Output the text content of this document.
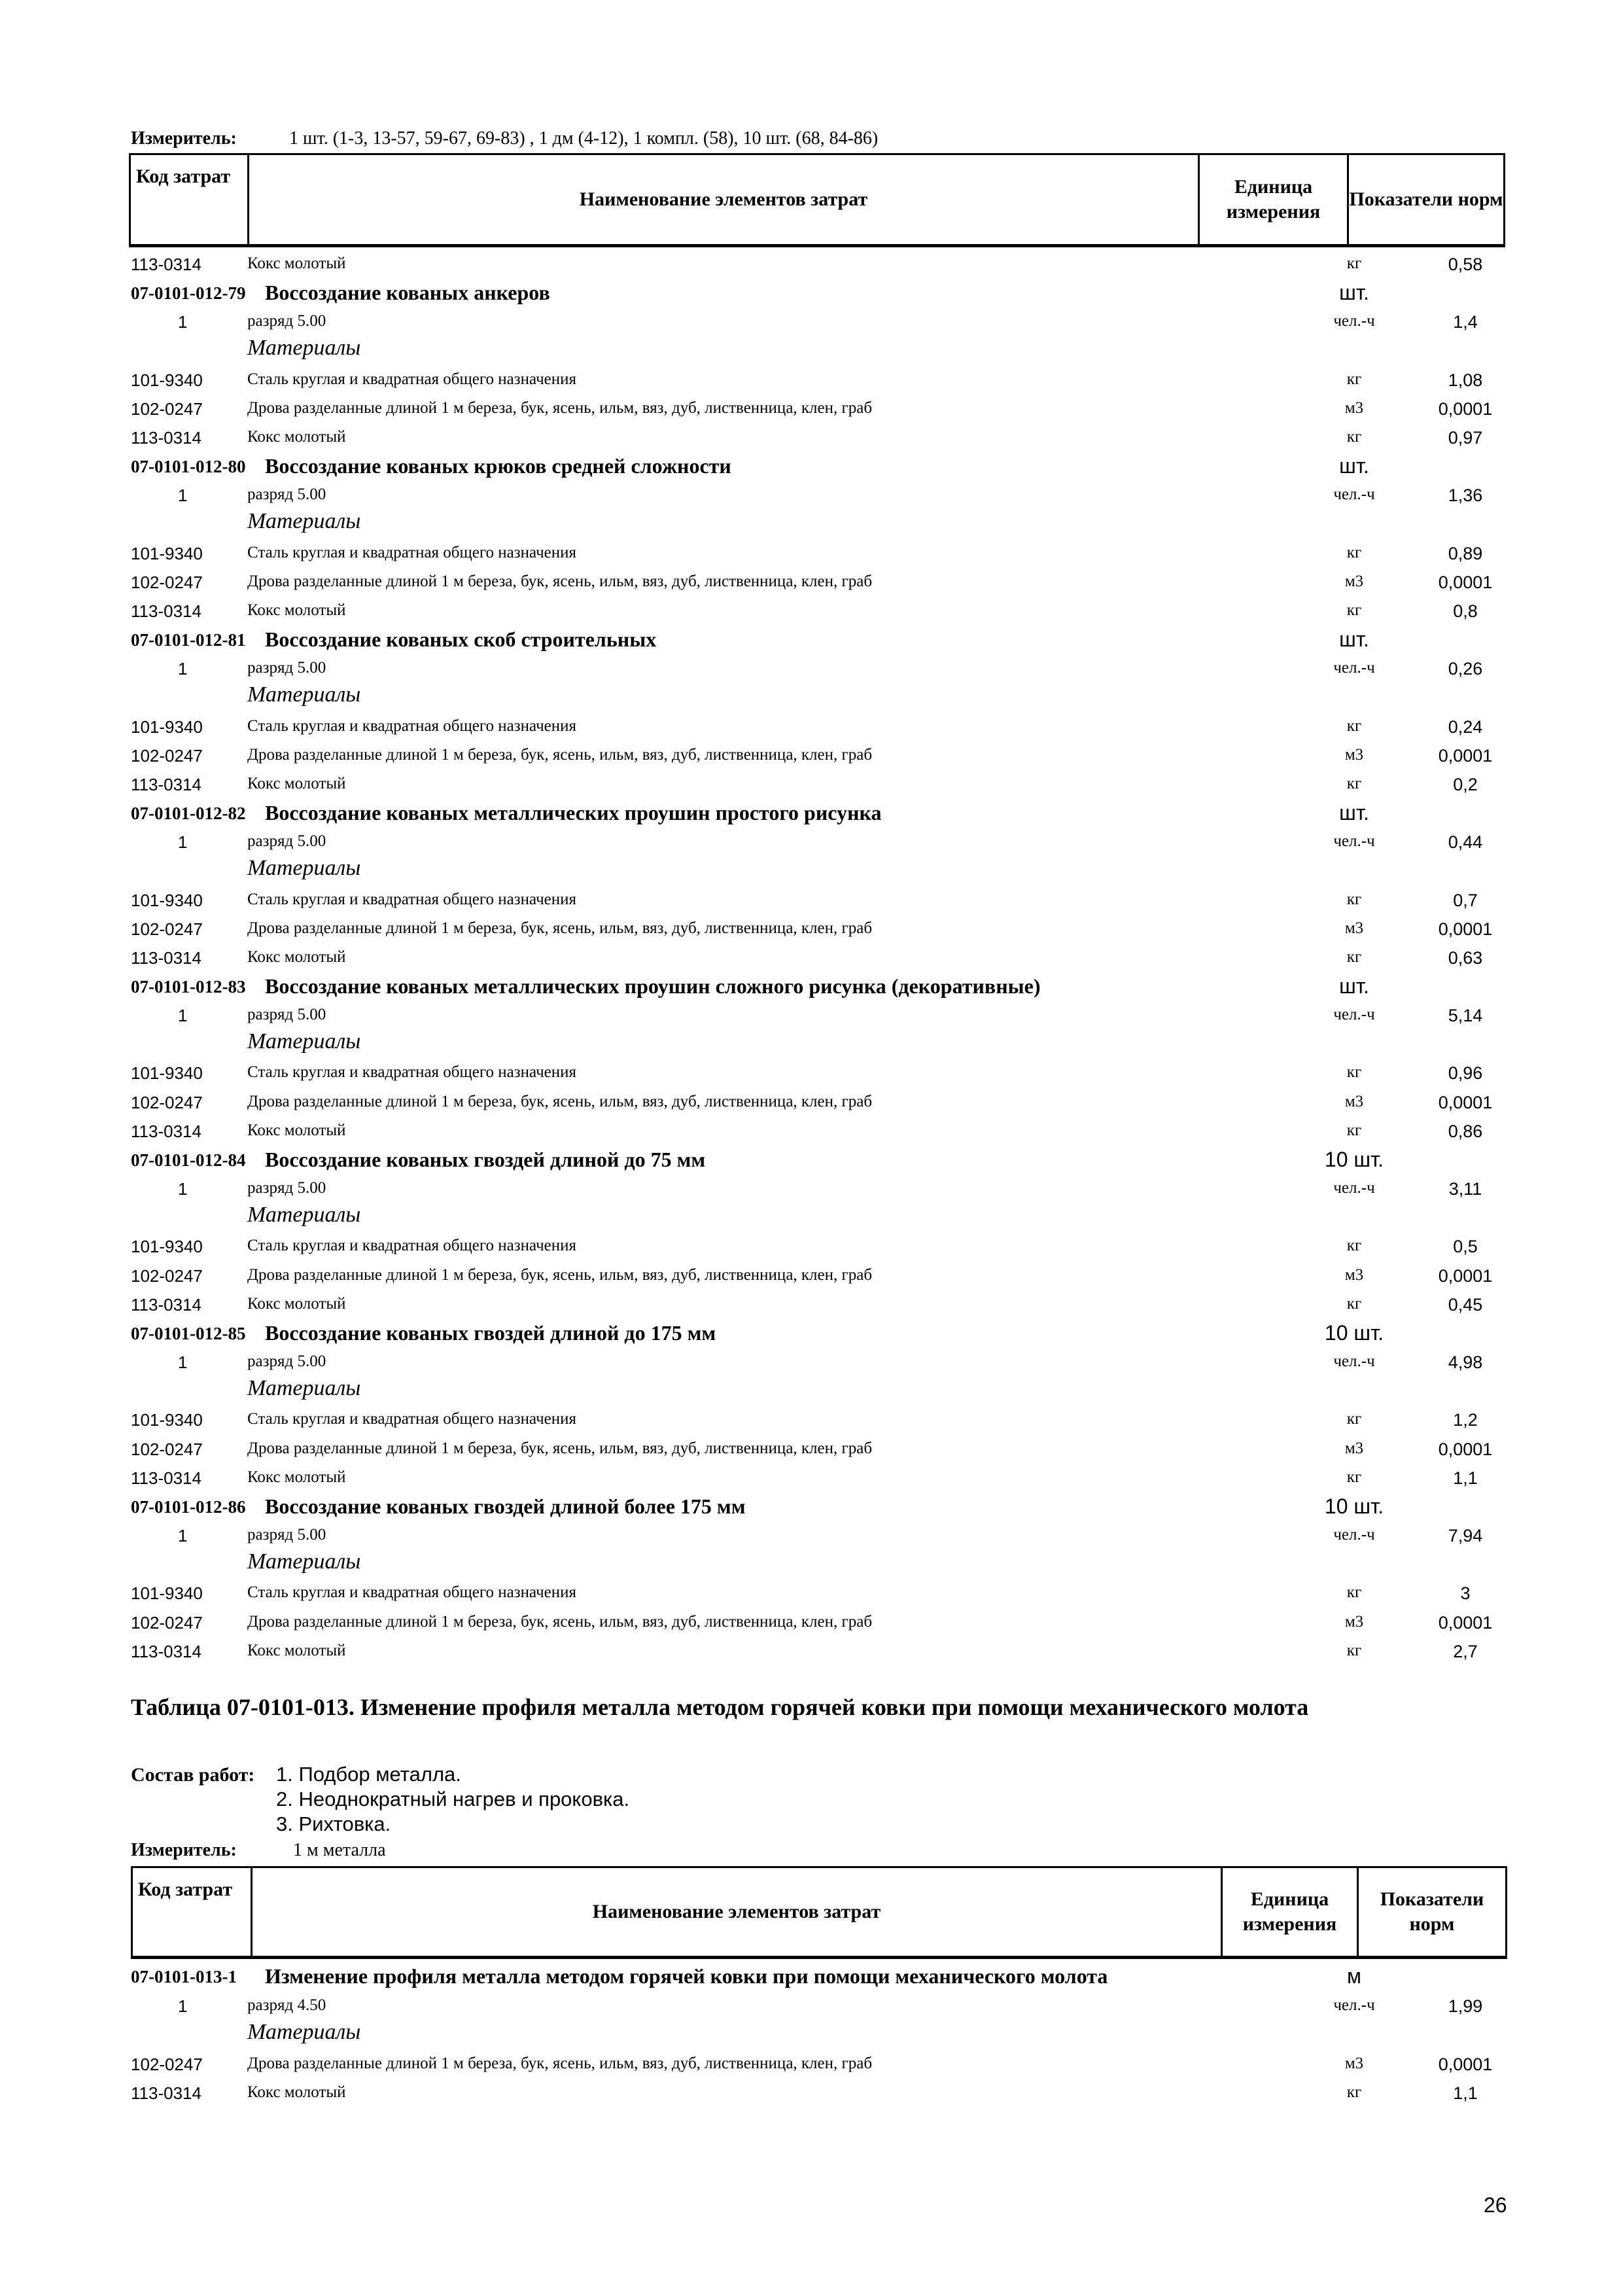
Измеритель:	1 шт. (1-3, 13-57, 59-67, 69-83) , 1 дм (4-12), 1 компл. (58), 10 шт. (68, 84-86)
Код затрат	Наименование элементов затрат	Единица измерения	Показатели норм
113-0314	Кокс молотый	кг	0,58
07-0101-012-79 Воссоздание кованых анкеров	шт.
1	разряд 5.00	чел.-ч	1,4
Материалы
101-9340	Сталь круглая и квадратная общего назначения	кг	1,08
102-0247	Дрова разделанные длиной 1 м береза, бук, ясень, ильм, вяз, дуб, лиственница, клен, граб	м3	0,0001
113-0314	Кокс молотый	кг	0,97
07-0101-012-80 Воссоздание кованых крюков средней сложности	шт.
1	разряд 5.00	чел.-ч	1,36
Материалы
101-9340	Сталь круглая и квадратная общего назначения	кг	0,89
102-0247	Дрова разделанные длиной 1 м береза, бук, ясень, ильм, вяз, дуб, лиственница, клен, граб	м3	0,0001
113-0314	Кокс молотый	кг	0,8
07-0101-012-81 Воссоздание кованых скоб строительных	шт.
1	разряд 5.00	чел.-ч	0,26
Материалы
101-9340	Сталь круглая и квадратная общего назначения	кг	0,24
102-0247	Дрова разделанные длиной 1 м береза, бук, ясень, ильм, вяз, дуб, лиственница, клен, граб	м3	0,0001
113-0314	Кокс молотый	кг	0,2
07-0101-012-82 Воссоздание кованых металлических проушин простого рисунка	шт.
1	разряд 5.00	чел.-ч	0,44
Материалы
101-9340	Сталь круглая и квадратная общего назначения	кг	0,7
102-0247	Дрова разделанные длиной 1 м береза, бук, ясень, ильм, вяз, дуб, лиственница, клен, граб	м3	0,0001
113-0314	Кокс молотый	кг	0,63
07-0101-012-83 Воссоздание кованых металлических проушин сложного рисунка (декоративные)	шт.
1	разряд 5.00	чел.-ч	5,14
Материалы
101-9340	Сталь круглая и квадратная общего назначения	кг	0,96
102-0247	Дрова разделанные длиной 1 м береза, бук, ясень, ильм, вяз, дуб, лиственница, клен, граб	м3	0,0001
113-0314	Кокс молотый	кг	0,86
07-0101-012-84 Воссоздание кованых гвоздей длиной до 75 мм	10 шт.
1	разряд 5.00	чел.-ч	3,11
Материалы
101-9340	Сталь круглая и квадратная общего назначения	кг	0,5
102-0247	Дрова разделанные длиной 1 м береза, бук, ясень, ильм, вяз, дуб, лиственница, клен, граб	м3	0,0001
113-0314	Кокс молотый	кг	0,45
07-0101-012-85 Воссоздание кованых гвоздей длиной до 175 мм	10 шт.
1	разряд 5.00	чел.-ч	4,98
Материалы
101-9340	Сталь круглая и квадратная общего назначения	кг	1,2
102-0247	Дрова разделанные длиной 1 м береза, бук, ясень, ильм, вяз, дуб, лиственница, клен, граб	м3	0,0001
113-0314	Кокс молотый	кг	1,1
07-0101-012-86 Воссоздание кованых гвоздей длиной более 175 мм	10 шт.
1	разряд 5.00	чел.-ч	7,94
Материалы
101-9340	Сталь круглая и квадратная общего назначения	кг	3
102-0247	Дрова разделанные длиной 1 м береза, бук, ясень, ильм, вяз, дуб, лиственница, клен, граб	м3	0,0001
113-0314	Кокс молотый	кг	2,7
Таблица 07-0101-013. Изменение профиля металла методом горячей ковки при помощи механического молота
Состав работ: 1. Подбор металла.
2. Неоднократный нагрев и проковка.
3. Рихтовка.
Измеритель:	1 м металла
Код затрат	Наименование элементов затрат	Единица измерения	Показатели норм
07-0101-013-1 Изменение профиля металла методом горячей ковки при помощи механического молота	м
1	разряд 4.50	чел.-ч	1,99
Материалы
102-0247	Дрова разделанные длиной 1 м береза, бук, ясень, ильм, вяз, дуб, лиственница, клен, граб	м3	0,0001
113-0314	Кокс молотый	кг	1,1
26
